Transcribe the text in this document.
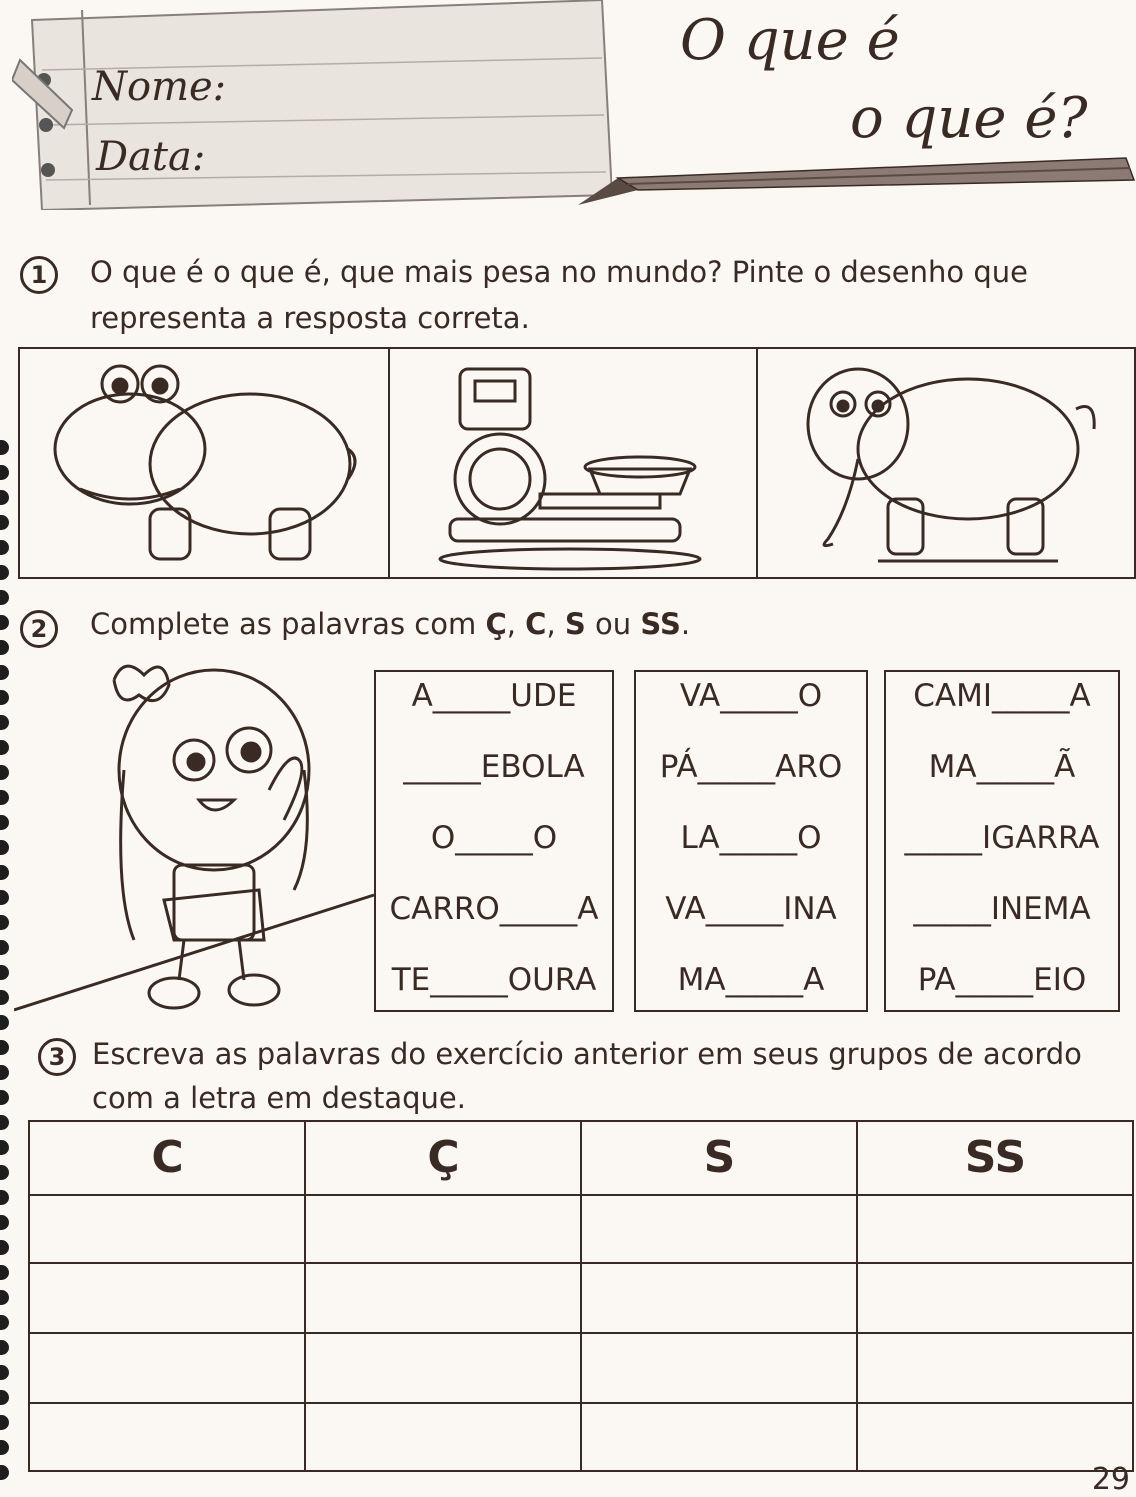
Nome:
Data:
O que é
o que é?
1	O que é o que é, que mais pesa no mundo? Pinte o desenho que
representa a resposta correta.
2	Complete as palavras com Ç, C, S ou SS.
A_____UDE
_____EBOLA
O_____O
CARRO_____A
TE_____OURA
VA_____O
PÁ_____ARO
LA_____O
VA_____INA
MA_____A
CAMI_____A
MA_____Ã
_____IGARRA
_____INEMA
PA_____EIO
3 Escreva as palavras do exercício anterior em seus grupos de acordo
com a letra em destaque.
C	Ç	S	SS
29
